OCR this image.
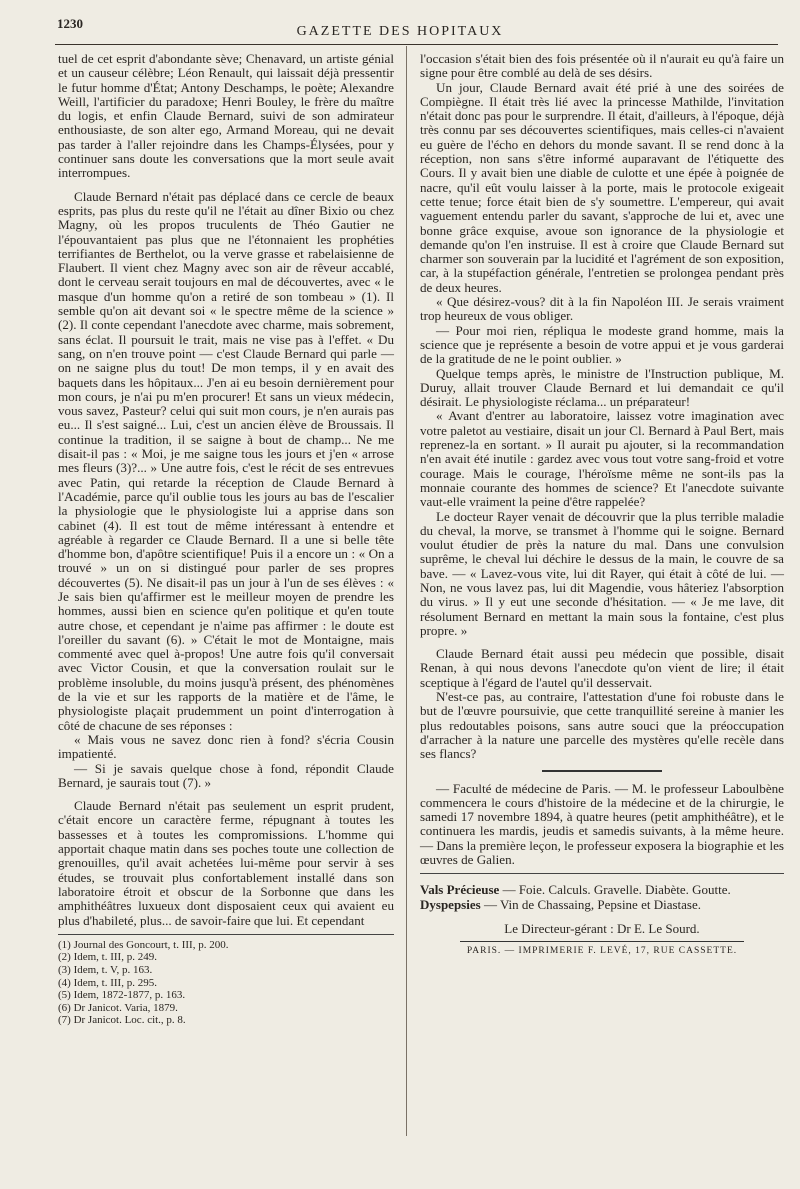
1230
GAZETTE DES HOPITAUX

tuel de cet esprit d'abondante sève; Chenavard, un artiste génial et un causeur célèbre; Léon Renault, qui laissait déjà pressentir le futur homme d'État; Antony Deschamps, le poète; Alexandre Weill, l'artificier du paradoxe; Henri Bouley, le frère du maître du logis, et enfin Claude Bernard, suivi de son admirateur enthousiaste, de son alter ego, Armand Moreau, qui ne devait pas tarder à l'aller rejoindre dans les Champs-Élysées, pour y continuer sans doute les conversations que la mort seule avait interrompues.

Claude Bernard n'était pas déplacé dans ce cercle de beaux esprits, pas plus du reste qu'il ne l'était au dîner Bixio ou chez Magny, où les propos truculents de Théo Gautier ne l'épouvantaient pas plus que ne l'étonnaient les prophéties terrifiantes de Berthelot, ou la verve grasse et rabelaisienne de Flaubert. Il vient chez Magny avec son air de rêveur accablé, dont le cerveau serait toujours en mal de découvertes, avec « le masque d'un homme qu'on a retiré de son tombeau » (1). Il semble qu'on ait devant soi « le spectre même de la science » (2). Il conte cependant l'anecdote avec charme, mais sobrement, sans éclat. Il poursuit le trait, mais ne vise pas à l'effet. « Du sang, on n'en trouve point — c'est Claude Bernard qui parle — on ne saigne plus du tout! De mon temps, il y en avait des baquets dans les hôpitaux... J'en ai eu besoin dernièrement pour mon cours, je n'ai pu m'en procurer! Et sans un vieux médecin, vous savez, Pasteur? celui qui suit mon cours, je n'en aurais pas eu... Il s'est saigné... Lui, c'est un ancien élève de Broussais. Il continue la tradition, il se saigne à bout de champ... Ne me disait-il pas : « Moi, je me saigne tous les jours et j'en « arrose mes fleurs (3)?... » Une autre fois, c'est le récit de ses entrevues avec Patin, qui retarde la réception de Claude Bernard à l'Académie, parce qu'il oublie tous les jours au bas de l'escalier la physiologie que le physiologiste lui a apprise dans son cabinet (4). Il est tout de même intéressant à entendre et agréable à regarder ce Claude Bernard. Il a une si belle tête d'homme bon, d'apôtre scientifique! Puis il a encore un : « On a trouvé » un on si distingué pour parler de ses propres découvertes (5). Ne disait-il pas un jour à l'un de ses élèves : « Je sais bien qu'affirmer est le meilleur moyen de prendre les hommes, aussi bien en science qu'en politique et qu'en toute autre chose, et cependant je n'aime pas affirmer : le doute est l'oreiller du savant (6). » C'était le mot de Montaigne, mais commenté avec quel à-propos! Une autre fois qu'il conversait avec Victor Cousin, et que la conversation roulait sur le problème insoluble, du moins jusqu'à présent, des phénomènes de la vie et sur les rapports de la matière et de l'âme, le physiologiste plaçait prudemment un point d'interrogation à côté de chacune de ses réponses :

« Mais vous ne savez donc rien à fond? s'écria Cousin impatienté.

— Si je savais quelque chose à fond, répondit Claude Bernard, je saurais tout (7). »

Claude Bernard n'était pas seulement un esprit prudent, c'était encore un caractère ferme, répugnant à toutes les bassesses et à toutes les compromissions. L'homme qui apportait chaque matin dans ses poches toute une collection de grenouilles, qu'il avait achetées lui-même pour servir à ses études, se trouvait plus confortablement installé dans son laboratoire étroit et obscur de la Sorbonne que dans les amphithéâtres luxueux dont disposaient ceux qui avaient eu plus d'habileté, plus... de savoir-faire que lui. Et cependant

(1) Journal des Goncourt, t. III, p. 200.
(2) Idem, t. III, p. 249.
(3) Idem, t. V, p. 163.
(4) Idem, t. III, p. 295.
(5) Idem, 1872-1877, p. 163.
(6) Dr Janicot. Varia, 1879.
(7) Dr Janicot. Loc. cit., p. 8.

l'occasion s'était bien des fois présentée où il n'aurait eu qu'à faire un signe pour être comblé au delà de ses désirs.

Un jour, Claude Bernard avait été prié à une des soirées de Compiègne. Il était très lié avec la princesse Mathilde, l'invitation n'était donc pas pour le surprendre. Il était, d'ailleurs, à l'époque, déjà très connu par ses découvertes scientifiques, mais celles-ci n'avaient eu guère de l'écho en dehors du monde savant. Il se rend donc à la réception, non sans s'être informé auparavant de l'étiquette des Cours. Il y avait bien une diable de culotte et une épée à poignée de nacre, qu'il eût voulu laisser à la porte, mais le protocole exigeait cette tenue; force était bien de s'y soumettre. L'empereur, qui avait vaguement entendu parler du savant, s'approche de lui et, avec une bonne grâce exquise, avoue son ignorance de la physiologie et demande qu'on l'en instruise. Il est à croire que Claude Bernard sut charmer son souverain par la lucidité et l'agrément de son exposition, car, à la stupéfaction générale, l'entretien se prolongea pendant près de deux heures.

« Que désirez-vous? dit à la fin Napoléon III. Je serais vraiment trop heureux de vous obliger.

— Pour moi rien, répliqua le modeste grand homme, mais la science que je représente a besoin de votre appui et je vous garderai de la gratitude de ne le point oublier. »

Quelque temps après, le ministre de l'Instruction publique, M. Duruy, allait trouver Claude Bernard et lui demandait ce qu'il désirait. Le physiologiste réclama... un préparateur!

« Avant d'entrer au laboratoire, laissez votre imagination avec votre paletot au vestiaire, disait un jour Cl. Bernard à Paul Bert, mais reprenez-la en sortant. » Il aurait pu ajouter, si la recommandation n'en avait été inutile : gardez avec vous tout votre sang-froid et votre courage. Mais le courage, l'héroïsme même ne sont-ils pas la monnaie courante des hommes de science? Et l'anecdote suivante vaut-elle vraiment la peine d'être rappelée?

Le docteur Rayer venait de découvrir que la plus terrible maladie du cheval, la morve, se transmet à l'homme qui le soigne. Bernard voulut étudier de près la nature du mal. Dans une convulsion suprême, le cheval lui déchire le dessus de la main, le couvre de sa bave. — « Lavez-vous vite, lui dit Rayer, qui était à côté de lui. — Non, ne vous lavez pas, lui dit Magendie, vous hâteriez l'absorption du virus. » Il y eut une seconde d'hésitation. — « Je me lave, dit résolument Bernard en mettant la main sous la fontaine, c'est plus propre. »

Claude Bernard était aussi peu médecin que possible, disait Renan, à qui nous devons l'anecdote qu'on vient de lire; il était sceptique à l'égard de l'autel qu'il desservait.

N'est-ce pas, au contraire, l'attestation d'une foi robuste dans le but de l'œuvre poursuivie, que cette tranquillité sereine à manier les plus redoutables poisons, sans autre souci que la préoccupation d'arracher à la nature une parcelle des mystères qu'elle recèle dans ses flancs?

— Faculté de médecine de Paris. — M. le professeur Laboulbène commencera le cours d'histoire de la médecine et de la chirurgie, le samedi 17 novembre 1894, à quatre heures (petit amphithéâtre), et le continuera les mardis, jeudis et samedis suivants, à la même heure. — Dans la première leçon, le professeur exposera la biographie et les œuvres de Galien.

Vals Précieuse — Foie. Calculs. Gravelle. Diabète. Goutte.
Dyspepsies — Vin de Chassaing, Pepsine et Diastase.
Le Directeur-gérant : Dr E. Le Sourd.
PARIS. — IMPRIMERIE F. LEVÉ, 17, RUE CASSETTE.
